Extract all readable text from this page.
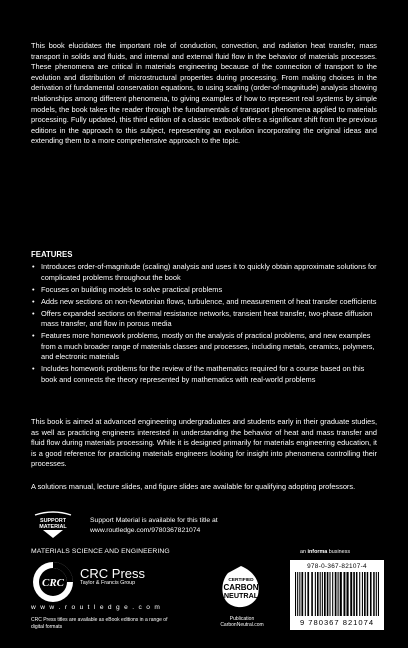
This book elucidates the important role of conduction, convection, and radiation heat transfer, mass transport in solids and fluids, and internal and external fluid flow in the behavior of materials processes. These phenomena are critical in materials engineering because of the connection of transport to the evolution and distribution of microstructural properties during processing. From making choices in the derivation of fundamental conservation equations, to using scaling (order-of-magnitude) analysis showing relationships among different phenomena, to giving examples of how to represent real systems by simple models, the book takes the reader through the fundamentals of transport phenomena applied to materials processing. Fully updated, this third edition of a classic textbook offers a significant shift from the previous editions in the approach to this subject, representing an evolution incorporating the original ideas and extending them to a more comprehensive approach to the topic.

FEATURES

• Introduces order-of-magnitude (scaling) analysis and uses it to quickly obtain approximate solutions for complicated problems throughout the book
• Focuses on building models to solve practical problems
• Adds new sections on non-Newtonian flows, turbulence, and measurement of heat transfer coefficients
• Offers expanded sections on thermal resistance networks, transient heat transfer, two-phase diffusion mass transfer, and flow in porous media
• Features more homework problems, mostly on the analysis of practical problems, and new examples from a much broader range of materials classes and processes, including metals, ceramics, polymers, and electronic materials
• Includes homework problems for the review of the mathematics required for a course based on this book and connects the theory represented by mathematics with real-world problems

This book is aimed at advanced engineering undergraduates and students early in their graduate studies, as well as practicing engineers interested in understanding the behavior of heat and mass transfer and fluid flow during materials processing. While it is designed primarily for materials engineering education, it is a good reference for practicing materials engineers looking for insight into phenomena controlling their processes.

A solutions manual, lecture slides, and figure slides are available for qualifying adopting professors.

SUPPORT
MATERIAL
Support Material is available for this title at
www.routledge.com/9780367821074
MATERIALS SCIENCE AND ENGINEERING	an informa business
CRC
CRC Press
Taylor & Francis Group
w w w . r o u t l e d g e . c o m
CRC Press titles are available as eBook editions in a range of digital formats
CERTIFIED
CARBON
NEUTRAL
Publication
CarbonNeutral.com
978-0-367-82107-4
9 780367 821074
